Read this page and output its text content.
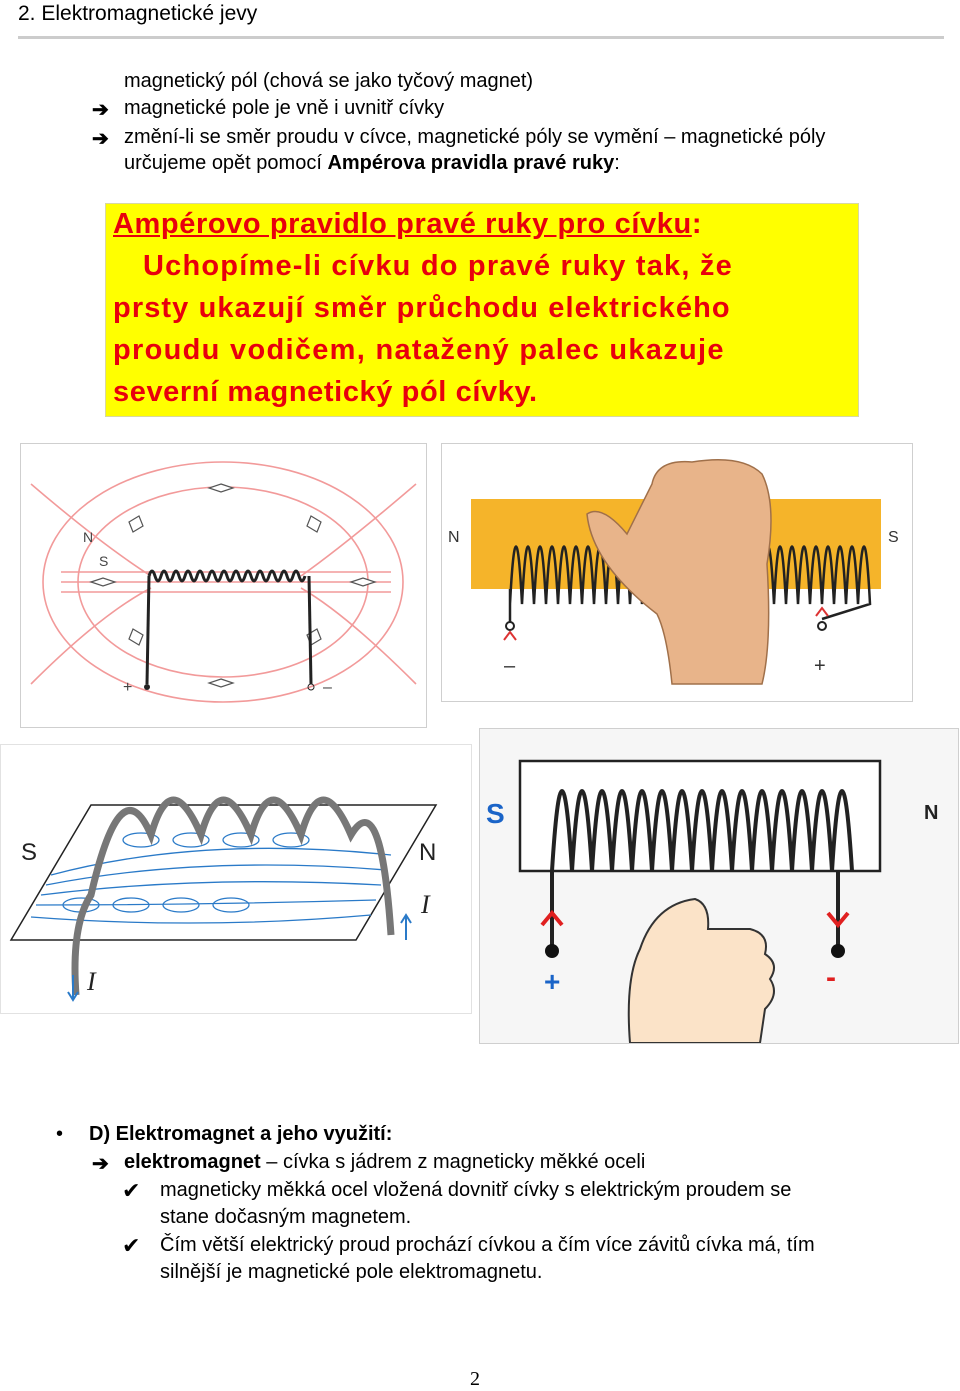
2. Elektromagnetické jevy
magnetický pól (chová se jako tyčový magnet)
➔ magnetické pole je vně i uvnitř cívky
➔ změní-li se směr proudu v cívce, magnetické póly se vymění – magnetické póly
určujeme opět pomocí Ampérova pravidla pravé ruky:
Ampérovo pravidlo pravé ruky pro cívku:
Uchopíme-li cívku do pravé ruky tak, že
prsty ukazují směr průchodu elektrického
proudu vodičem, natažený palec ukazuje
severní magnetický pól cívky.
N
S
+	–
N	S
–	+
S	N
I
I
S	N
+	-
• D) Elektromagnet a jeho využití:
➔ elektromagnet – cívka s jádrem z magneticky měkké oceli
✔ magneticky měkká ocel vložená dovnitř cívky s elektrickým proudem se
stane dočasným magnetem.
✔ Čím větší elektrický proud prochází cívkou a čím více závitů cívka má, tím
silnější je magnetické pole elektromagnetu.
2
